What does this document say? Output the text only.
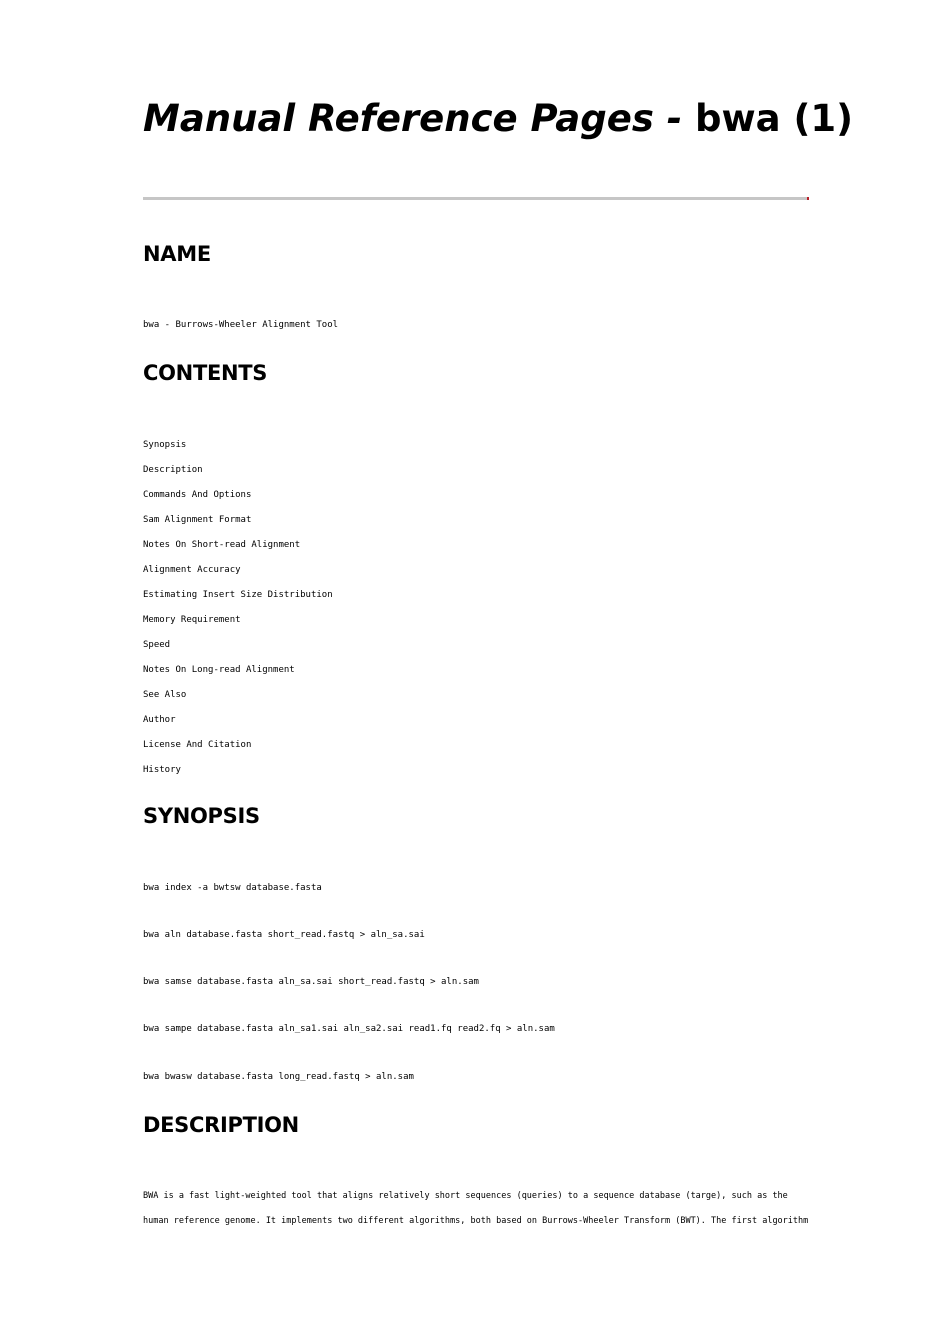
Manual Reference Pages - bwa (1)
NAME

bwa - Burrows-Wheeler Alignment Tool

CONTENTS
Synopsis
Description
Commands And Options
Sam Alignment Format
Notes On Short-read Alignment
Alignment Accuracy
Estimating Insert Size Distribution
Memory Requirement
Speed
Notes On Long-read Alignment
See Also
Author
License And Citation
History
SYNOPSIS

bwa index -a bwtsw database.fasta

bwa aln database.fasta short_read.fastq > aln_sa.sai

bwa samse database.fasta aln_sa.sai short_read.fastq > aln.sam

bwa sampe database.fasta aln_sa1.sai aln_sa2.sai read1.fq read2.fq > aln.sam

bwa bwasw database.fasta long_read.fastq > aln.sam

DESCRIPTION

BWA is a fast light-weighted tool that aligns relatively short sequences (queries) to a sequence database (targe), such as the

human reference genome. It implements two different algorithms, both based on Burrows-Wheeler Transform (BWT). The first algorithm
